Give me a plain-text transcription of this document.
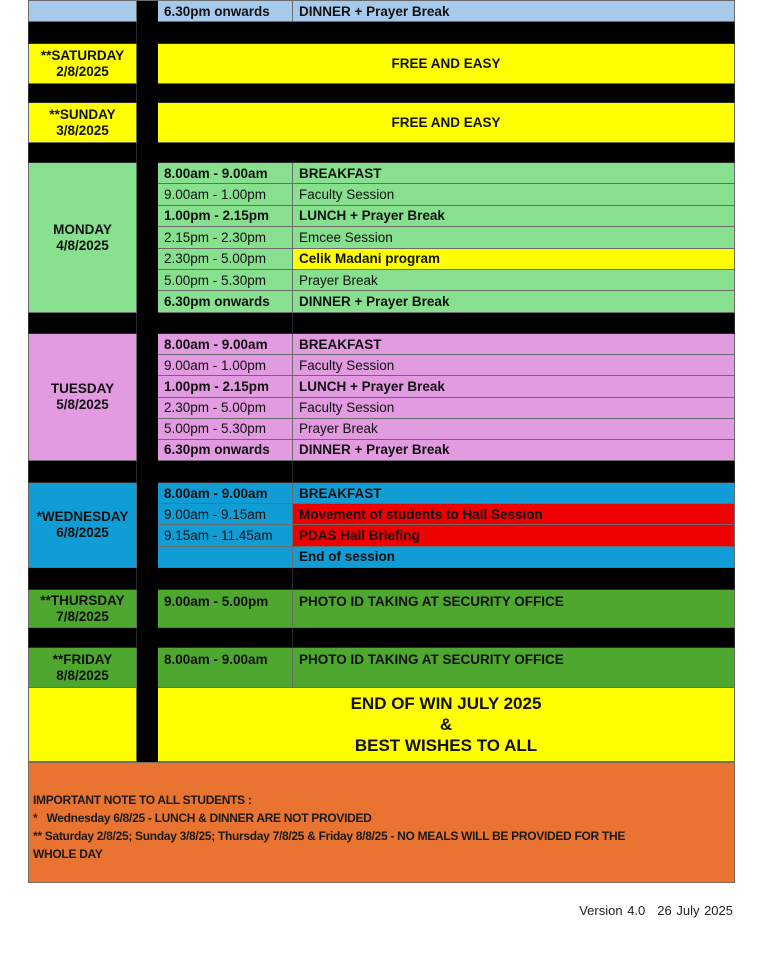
6.30pm onwards	DINNER + Prayer Break
**SATURDAY
2/8/2025	FREE AND EASY
**SUNDAY
3/8/2025	FREE AND EASY
MONDAY
4/8/2025
8.00am - 9.00am	BREAKFAST
9.00am - 1.00pm	Faculty Session
1.00pm - 2.15pm	LUNCH + Prayer Break
2.15pm - 2.30pm	Emcee Session
2.30pm - 5.00pm	Celik Madani program
5.00pm - 5.30pm	Prayer Break
6.30pm onwards	DINNER + Prayer Break
TUESDAY
5/8/2025
8.00am - 9.00am	BREAKFAST
9.00am - 1.00pm	Faculty Session
1.00pm - 2.15pm	LUNCH + Prayer Break
2.30pm - 5.00pm	Faculty Session
5.00pm - 5.30pm	Prayer Break
6.30pm onwards	DINNER + Prayer Break
*WEDNESDAY
6/8/2025
8.00am - 9.00am	BREAKFAST
9.00am - 9.15am	Movement of students to Hall Session
9.15am - 11.45am	PDAS Hall Briefing
End of session
**THURSDAY
7/8/2025
9.00am - 5.00pm	PHOTO ID TAKING AT SECURITY OFFICE
**FRIDAY
8/8/2025
8.00am - 9.00am	PHOTO ID TAKING AT SECURITY OFFICE
END OF WIN JULY 2025
&
BEST WISHES TO ALL
IMPORTANT NOTE TO ALL STUDENTS :
*   Wednesday 6/8/25 - LUNCH & DINNER ARE NOT PROVIDED
** Saturday 2/8/25; Sunday 3/8/25; Thursday 7/8/25 & Friday 8/8/25 - NO MEALS WILL BE PROVIDED FOR THE
WHOLE DAY
Version 4.0 26 July 2025
